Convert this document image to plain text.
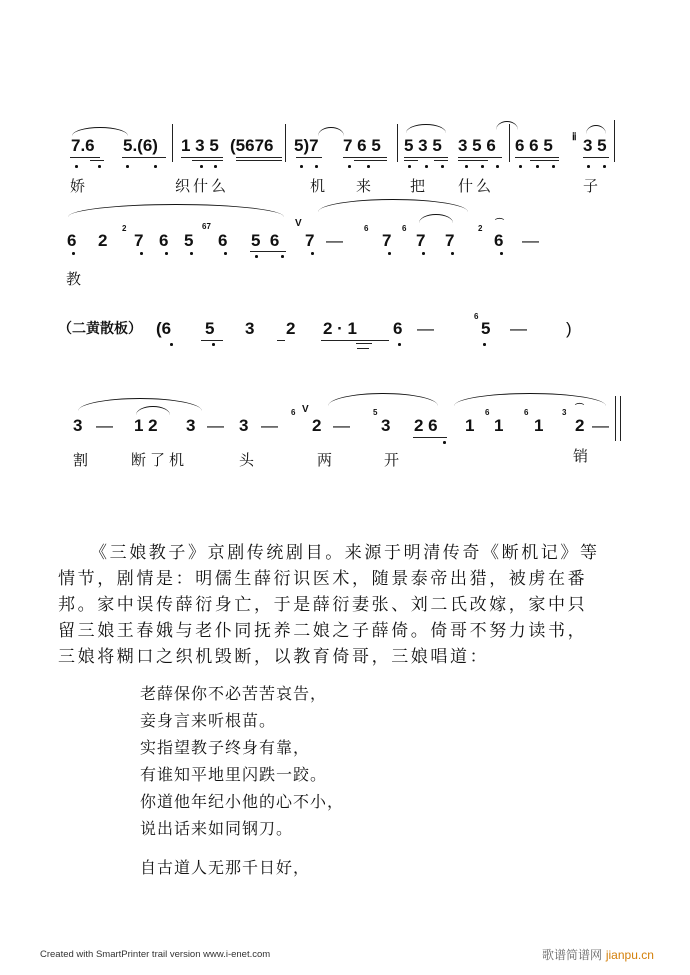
7.6 5.(6) 1 3 5 (5676 5)7 7 6 5 5 3 5 3 5 6 6 6 5 ⅱ 3 5
娇	织什么	机 来	把 什么	子
6 2
2
7 6 5
67
6 5  6
V
7 —
6
7
6
7 7
2
6
⌒
—
教
（二黄散板） (6 5 3 2 2 · 1 6 —
6
5 — )
3 — 1 2 3 — 3 —
6 V
2 —
5
3 2 6 1
6
1
6
1
3 ⌒
2 —
割	断了机	头	两	开	销
《三娘教子》京剧传统剧目。来源于明清传奇《断机记》等
情节，剧情是：明儒生薛衍识医术，随景泰帝出猎，被虏在番
邦。家中误传薛衍身亡，于是薛衍妻张、刘二氏改嫁，家中只
留三娘王春娥与老仆同抚养二娘之子薛倚。倚哥不努力读书，
三娘将糊口之织机毁断，以教育倚哥，三娘唱道：
老薛保你不必苦苦哀告，
妾身言来听根苗。
实指望教子终身有靠，
有谁知平地里闪跌一跤。
你道他年纪小他的心不小，
说出话来如同钢刀。
自古道人无那千日好，
Created with SmartPrinter trail version www.i-enet.com	歌谱简谱网 jianpu.cn
